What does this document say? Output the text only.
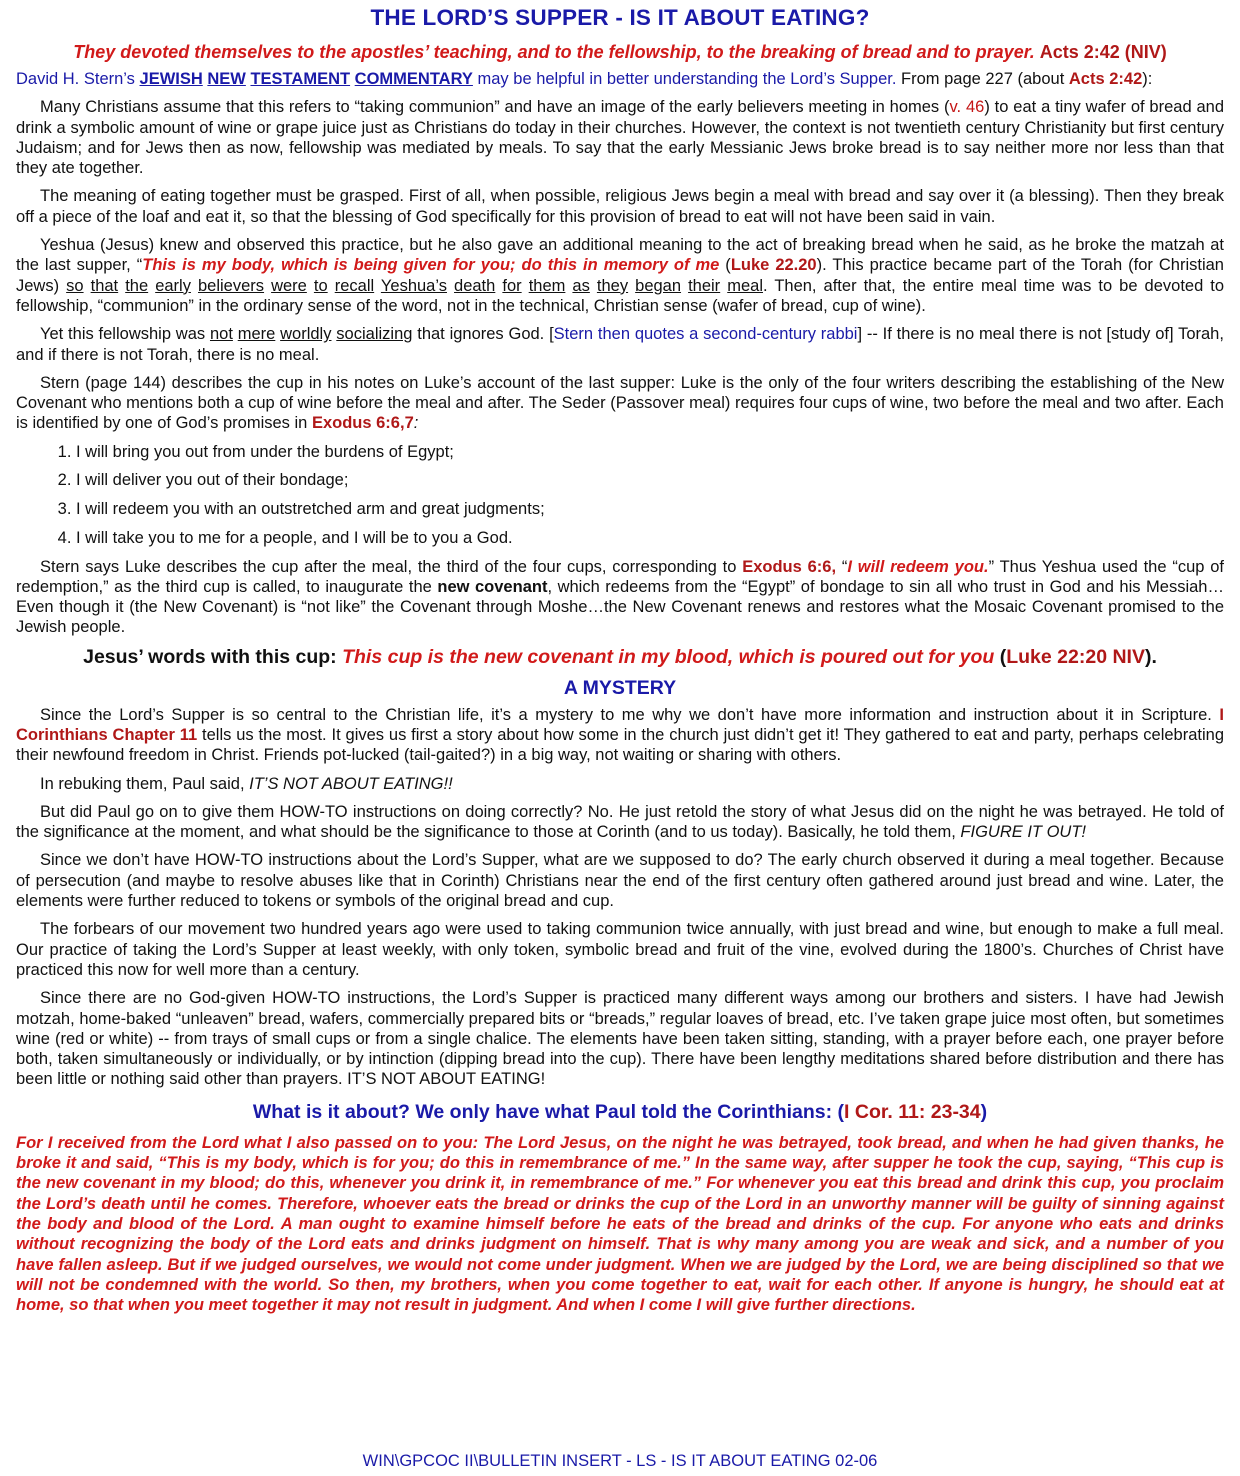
THE LORD’S SUPPER - IS IT ABOUT EATING?
They devoted themselves to the apostles’ teaching, and to the fellowship, to the breaking of bread and to prayer. Acts 2:42 (NIV)

David H. Stern’s JEWISH NEW TESTAMENT COMMENTARY may be helpful in better understanding the Lord’s Supper. From page 227 (about Acts 2:42):

Many Christians assume that this refers to “taking communion” and have an image of the early believers meeting in homes (v. 46) to eat a tiny wafer of bread and drink a symbolic amount of wine or grape juice just as Christians do today in their churches. However, the context is not twentieth century Christianity but first century Judaism; and for Jews then as now, fellowship was mediated by meals. To say that the early Messianic Jews broke bread is to say neither more nor less than that they ate together.

The meaning of eating together must be grasped. First of all, when possible, religious Jews begin a meal with bread and say over it (a blessing). Then they break off a piece of the loaf and eat it, so that the blessing of God specifically for this provision of bread to eat will not have been said in vain.

Yeshua (Jesus) knew and observed this practice, but he also gave an additional meaning to the act of breaking bread when he said, as he broke the matzah at the last supper, “This is my body, which is being given for you; do this in memory of me (Luke 22.20). This practice became part of the Torah (for Christian Jews) so that the early believers were to recall Yeshua’s death for them as they began their meal. Then, after that, the entire meal time was to be devoted to fellowship, “communion” in the ordinary sense of the word, not in the technical, Christian sense (wafer of bread, cup of wine).

Yet this fellowship was not mere worldly socializing that ignores God. [Stern then quotes a second-century rabbi] -- If there is no meal there is not [study of] Torah, and if there is not Torah, there is no meal.

Stern (page 144) describes the cup in his notes on Luke’s account of the last supper: Luke is the only of the four writers describing the establishing of the New Covenant who mentions both a cup of wine before the meal and after. The Seder (Passover meal) requires four cups of wine, two before the meal and two after. Each is identified by one of God’s promises in Exodus 6:6,7:

1. I will bring you out from under the burdens of Egypt;
2. I will deliver you out of their bondage;
3. I will redeem you with an outstretched arm and great judgments;
4. I will take you to me for a people, and I will be to you a God.

Stern says Luke describes the cup after the meal, the third of the four cups, corresponding to Exodus 6:6, “I will redeem you.” Thus Yeshua used the “cup of redemption,” as the third cup is called, to inaugurate the new covenant, which redeems from the “Egypt” of bondage to sin all who trust in God and his Messiah…Even though it (the New Covenant) is “not like” the Covenant through Moshe…the New Covenant renews and restores what the Mosaic Covenant promised to the Jewish people.

Jesus’ words with this cup: This cup is the new covenant in my blood, which is poured out for you (Luke 22:20 NIV).
A MYSTERY

Since the Lord’s Supper is so central to the Christian life, it’s a mystery to me why we don’t have more information and instruction about it in Scripture. I Corinthians Chapter 11 tells us the most. It gives us first a story about how some in the church just didn’t get it! They gathered to eat and party, perhaps celebrating their newfound freedom in Christ. Friends pot-lucked (tail-gaited?) in a big way, not waiting or sharing with others.

In rebuking them, Paul said, IT’S NOT ABOUT EATING!!

But did Paul go on to give them HOW-TO instructions on doing correctly? No. He just retold the story of what Jesus did on the night he was betrayed. He told of the significance at the moment, and what should be the significance to those at Corinth (and to us today). Basically, he told them, FIGURE IT OUT!

Since we don’t have HOW-TO instructions about the Lord’s Supper, what are we supposed to do? The early church observed it during a meal together. Because of persecution (and maybe to resolve abuses like that in Corinth) Christians near the end of the first century often gathered around just bread and wine. Later, the elements were further reduced to tokens or symbols of the original bread and cup.

The forbears of our movement two hundred years ago were used to taking communion twice annually, with just bread and wine, but enough to make a full meal. Our practice of taking the Lord’s Supper at least weekly, with only token, symbolic bread and fruit of the vine, evolved during the 1800’s. Churches of Christ have practiced this now for well more than a century.

Since there are no God-given HOW-TO instructions, the Lord’s Supper is practiced many different ways among our brothers and sisters. I have had Jewish motzah, home-baked “unleaven” bread, wafers, commercially prepared bits or “breads,” regular loaves of bread, etc. I’ve taken grape juice most often, but sometimes wine (red or white) -- from trays of small cups or from a single chalice. The elements have been taken sitting, standing, with a prayer before each, one prayer before both, taken simultaneously or individually, or by intinction (dipping bread into the cup). There have been lengthy meditations shared before distribution and there has been little or nothing said other than prayers. IT’S NOT ABOUT EATING!

What is it about? We only have what Paul told the Corinthians: (I Cor. 11: 23-34)

For I received from the Lord what I also passed on to you: The Lord Jesus, on the night he was betrayed, took bread, and when he had given thanks, he broke it and said, “This is my body, which is for you; do this in remembrance of me.” In the same way, after supper he took the cup, saying, “This cup is the new covenant in my blood; do this, whenever you drink it, in remembrance of me.” For whenever you eat this bread and drink this cup, you proclaim the Lord’s death until he comes. Therefore, whoever eats the bread or drinks the cup of the Lord in an unworthy manner will be guilty of sinning against the body and blood of the Lord. A man ought to examine himself before he eats of the bread and drinks of the cup. For anyone who eats and drinks without recognizing the body of the Lord eats and drinks judgment on himself. That is why many among you are weak and sick, and a number of you have fallen asleep. But if we judged ourselves, we would not come under judgment. When we are judged by the Lord, we are being disciplined so that we will not be condemned with the world. So then, my brothers, when you come together to eat, wait for each other. If anyone is hungry, he should eat at home, so that when you meet together it may not result in judgment. And when I come I will give further directions.

WIN\GPCOC II\BULLETIN INSERT - LS - IS IT ABOUT EATING 02-06
